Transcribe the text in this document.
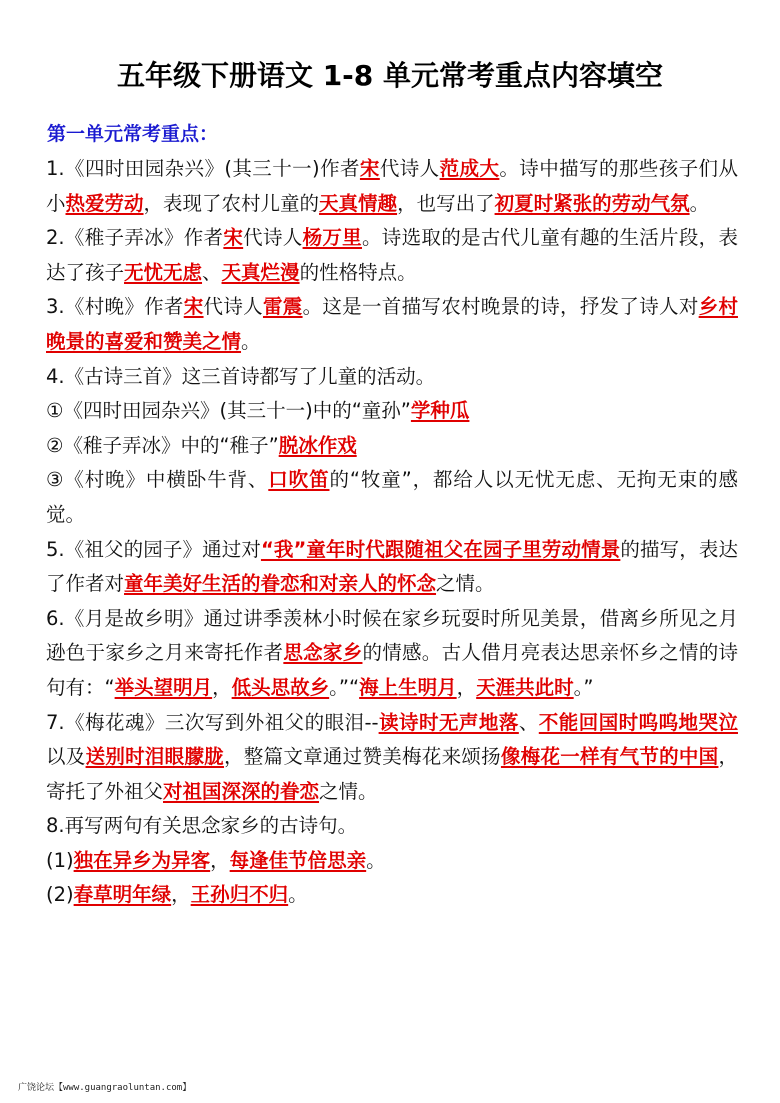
五年级下册语文 1-8 单元常考重点内容填空
第一单元常考重点：

1.《四时田园杂兴》(其三十一)作者宋代诗人范成大。诗中描写的那些孩子们从小热爱劳动，表现了农村儿童的天真情趣，也写出了初夏时紧张的劳动气氛。

2.《稚子弄冰》作者宋代诗人杨万里。诗选取的是古代儿童有趣的生活片段，表达了孩子无忧无虑、天真烂漫的性格特点。

3.《村晚》作者宋代诗人雷震。这是一首描写农村晚景的诗，抒发了诗人对乡村晚景的喜爱和赞美之情。

4.《古诗三首》这三首诗都写了儿童的活动。

①《四时田园杂兴》(其三十一)中的“童孙”学种瓜

②《稚子弄冰》中的“稚子”脱冰作戏

③《村晚》中横卧牛背、口吹笛的“牧童”，都给人以无忧无虑、无拘无束的感觉。

5.《祖父的园子》通过对“我”童年时代跟随祖父在园子里劳动情景的描写，表达了作者对童年美好生活的眷恋和对亲人的怀念之情。

6.《月是故乡明》通过讲季羡林小时候在家乡玩耍时所见美景，借离乡所见之月逊色于家乡之月来寄托作者思念家乡的情感。古人借月亮表达思亲怀乡之情的诗句有：“举头望明月，低头思故乡。”“海上生明月，天涯共此时。”

7.《梅花魂》三次写到外祖父的眼泪--读诗时无声地落、不能回国时呜呜地哭泣以及送别时泪眼朦胧，整篇文章通过赞美梅花来颂扬像梅花一样有气节的中国，寄托了外祖父对祖国深深的眷恋之情。

8.再写两句有关思念家乡的古诗句。

(1)独在异乡为异客，每逢佳节倍思亲。

(2)春草明年绿，王孙归不归。

广饶论坛【www.guangraoluntan.com】
